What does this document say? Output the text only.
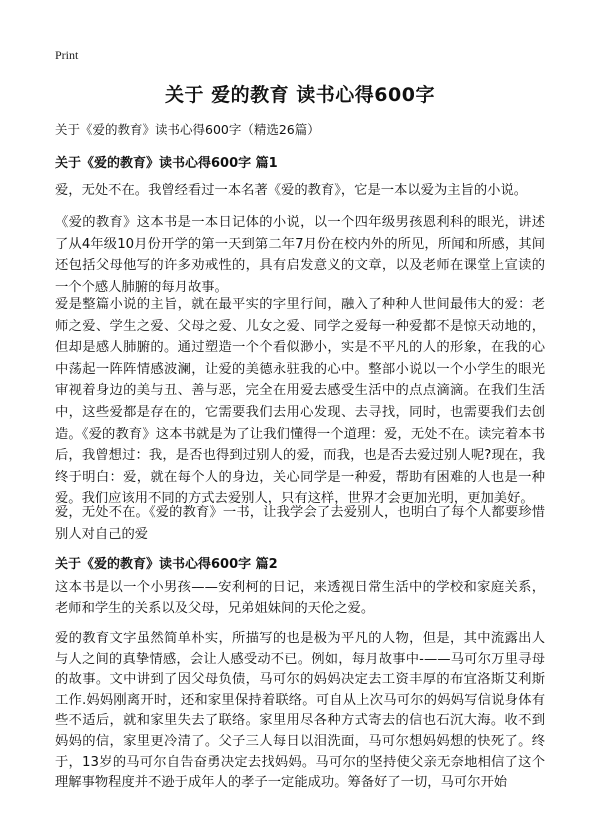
Print
关于 爱的教育 读书心得600字
关于《爱的教育》读书心得600字（精选26篇）
关于《爱的教育》读书心得600字 篇1

爱，无处不在。我曾经看过一本名著《爱的教育》，它是一本以爱为主旨的小说。

《爱的教育》这本书是一本日记体的小说，以一个四年级男孩恩利科的眼光，讲述了从4年级10月份开学的第一天到第二年7月份在校内外的所见，所闻和所感，其间还包括父母他写的许多劝戒性的，具有启发意义的文章，以及老师在课堂上宣读的一个个感人肺腑的每月故事。

爱是整篇小说的主旨，就在最平实的字里行间，融入了种种人世间最伟大的爱：老师之爱、学生之爱、父母之爱、儿女之爱、同学之爱每一种爱都不是惊天动地的，但却是感人肺腑的。通过塑造一个个看似渺小，实是不平凡的人的形象，在我的心中荡起一阵阵情感波澜，让爱的美德永驻我的心中。整部小说以一个小学生的眼光审视着身边的美与丑、善与恶，完全在用爱去感受生活中的点点滴滴。在我们生活中，这些爱都是存在的，它需要我们去用心发现、去寻找，同时，也需要我们去创造。《爱的教育》这本书就是为了让我们懂得一个道理：爱，无处不在。读完着本书后，我曾想过：我，是否也得到过别人的爱，而我，也是否去爱过别人呢?现在，我终于明白：爱，就在每个人的身边，关心同学是一种爱，帮助有困难的人也是一种爱。我们应该用不同的方式去爱别人，只有这样，世界才会更加光明，更加美好。

爱，无处不在。《爱的教育》一书，让我学会了去爱别人，也明白了每个人都要珍惜别人对自己的爱

关于《爱的教育》读书心得600字 篇2

这本书是以一个小男孩——安利柯的日记，来透视日常生活中的学校和家庭关系，老师和学生的关系以及父母，兄弟姐妹间的天伦之爱。

爱的教育文字虽然简单朴实，所描写的也是极为平凡的人物，但是，其中流露出人与人之间的真挚情感，会让人感受动不已。例如，每月故事中-——马可尔万里寻母的故事。文中讲到了因父母负债，马可尔的妈妈决定去工资丰厚的布宜洛斯艾利斯工作.妈妈刚离开时，还和家里保持着联络。可自从上次马可尔的妈妈写信说身体有些不适后，就和家里失去了联络。家里用尽各种方式寄去的信也石沉大海。收不到妈妈的信，家里更冷清了。父子三人每日以泪洗面，马可尔想妈妈想的快死了。终于，13岁的马可尔自告奋勇决定去找妈妈。马可尔的坚持使父亲无奈地相信了这个理解事物程度并不逊于成年人的孝子一定能成功。筹备好了一切，马可尔开始
